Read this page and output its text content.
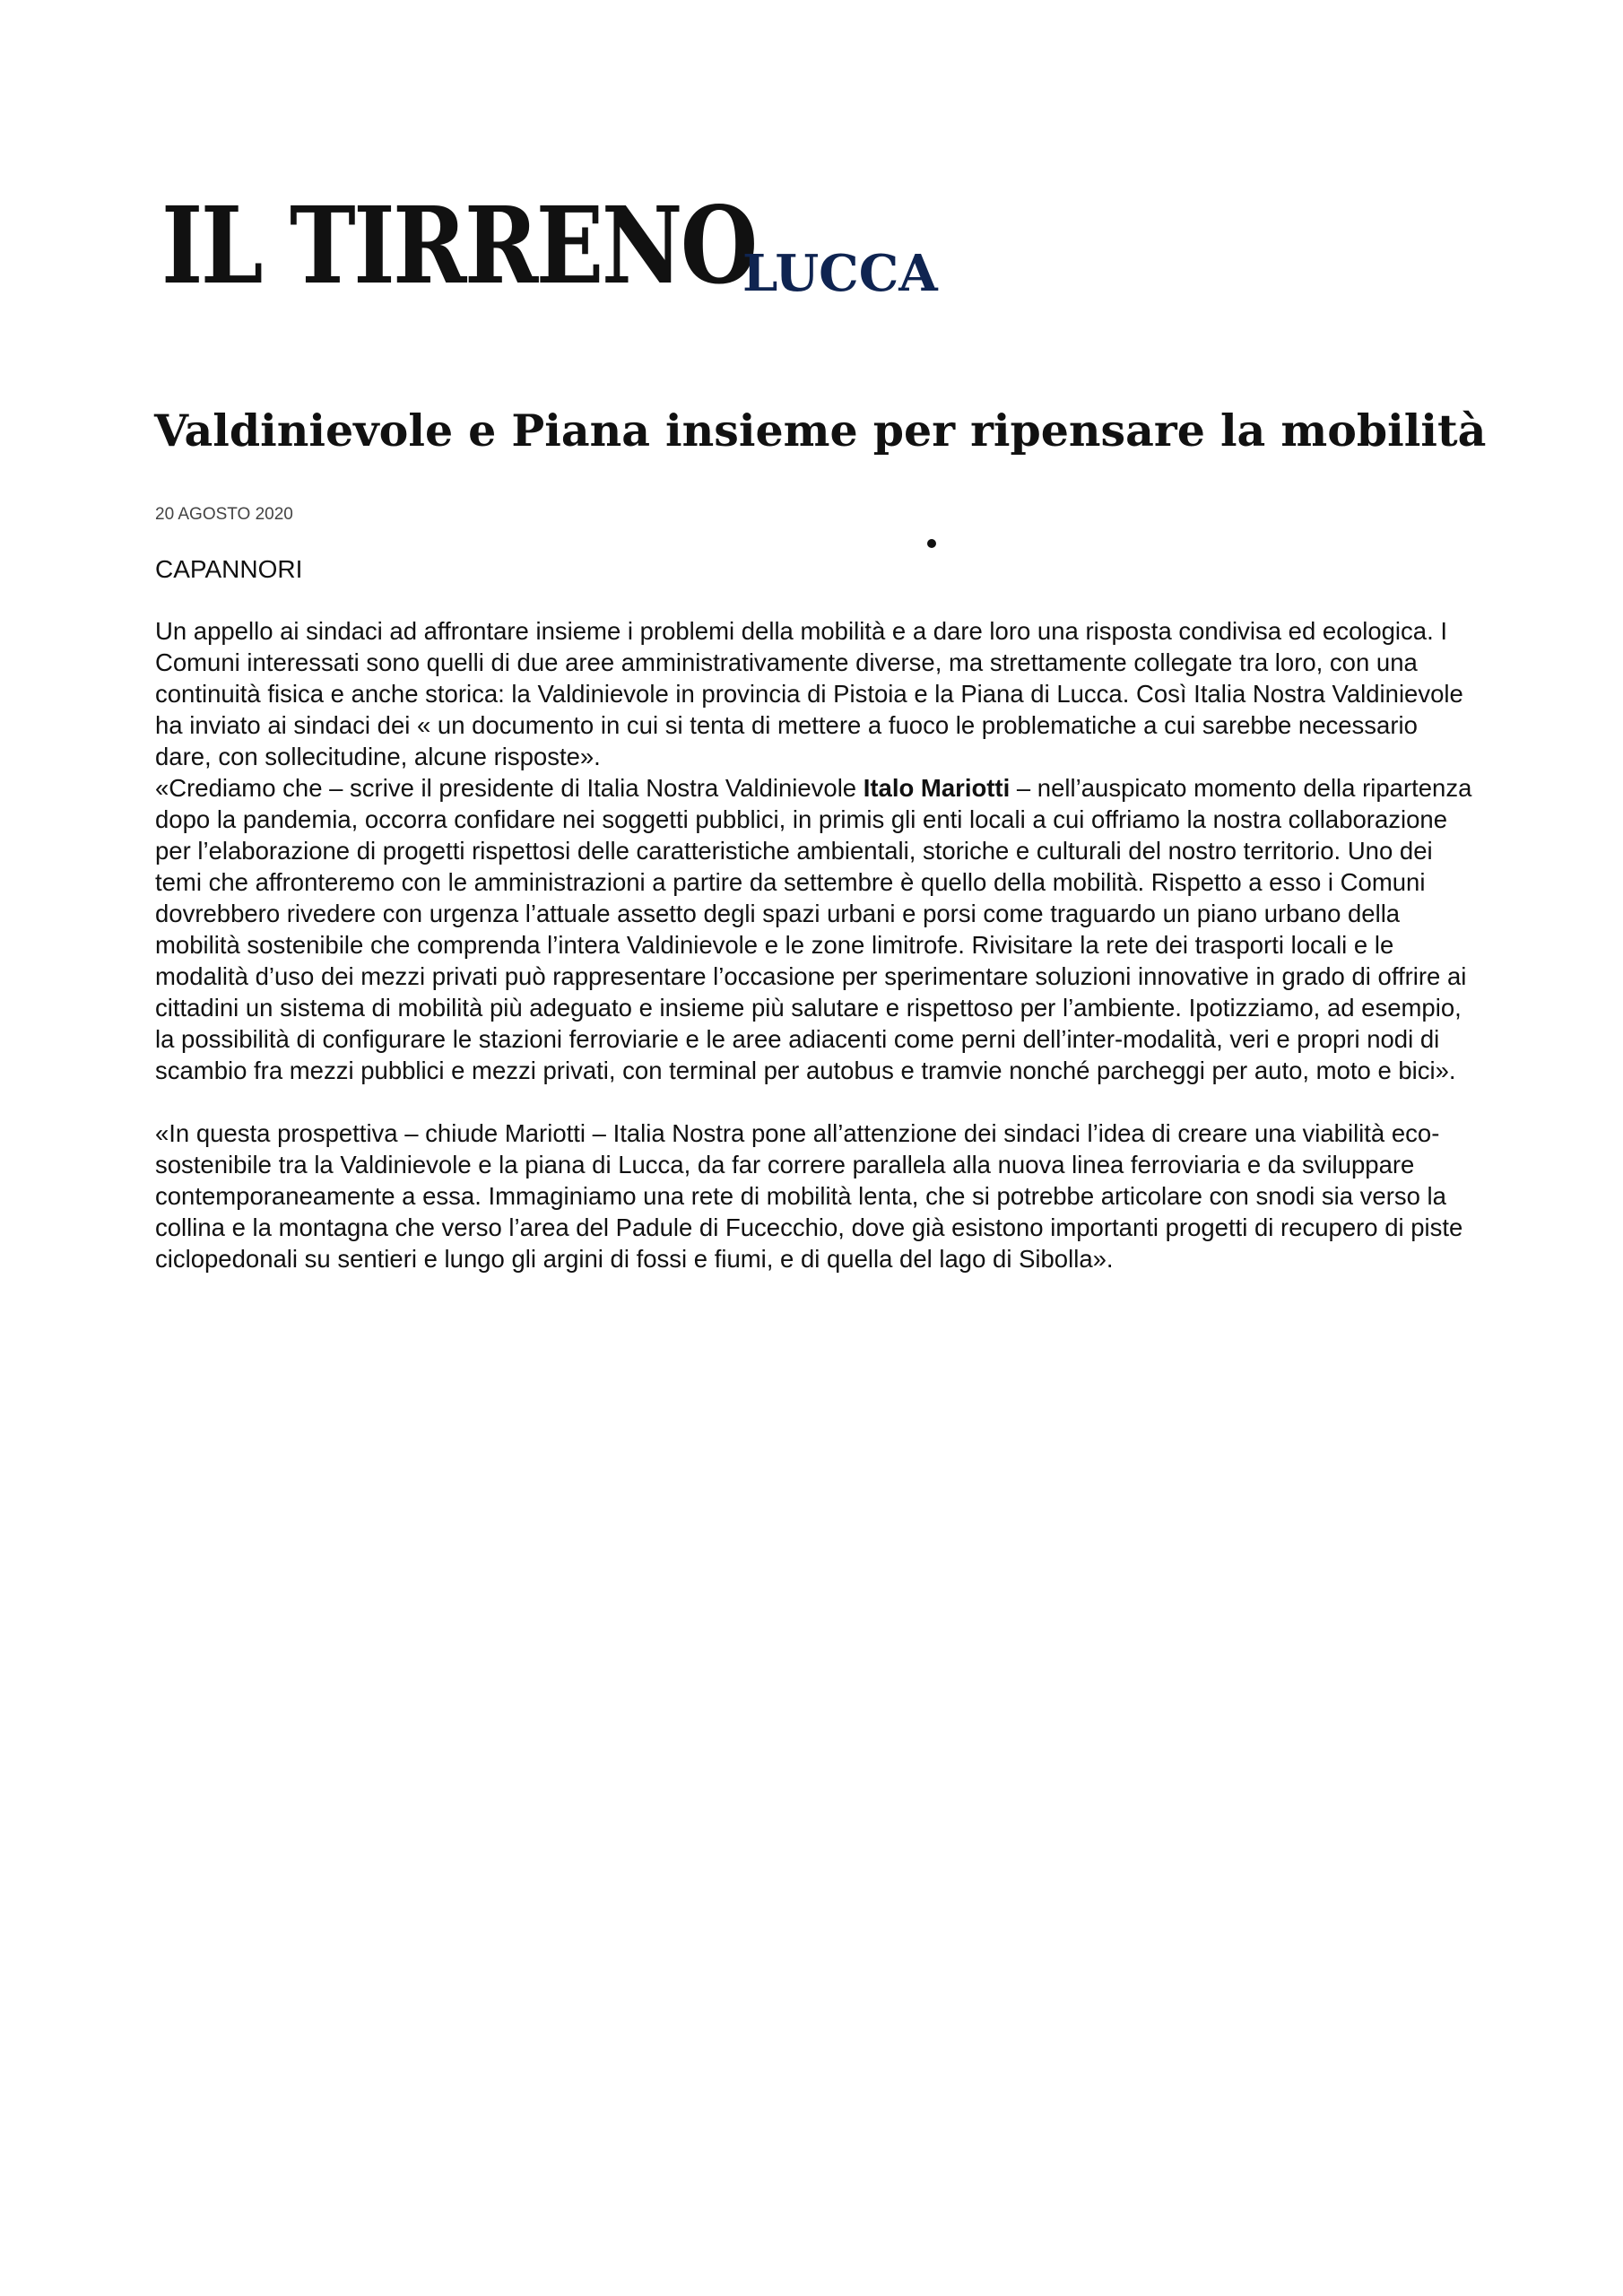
IL TIRRENO
LUCCA
Valdinievole e Piana insieme per ripensare la mobilità
20 AGOSTO 2020
CAPANNORI

Un appello ai sindaci ad affrontare insieme i problemi della mobilità e a dare loro una risposta condivisa ed ecologica. I Comuni interessati sono quelli di due aree amministrativamente diverse, ma strettamente collegate tra loro, con una continuità fisica e anche storica: la Valdinievole in provincia di Pistoia e la Piana di Lucca. Così Italia Nostra Valdinievole ha inviato ai sindaci dei « un documento in cui si tenta di mettere a fuoco le problematiche a cui sarebbe necessario dare, con sollecitudine, alcune risposte».

«Crediamo che – scrive il presidente di Italia Nostra Valdinievole Italo Mariotti – nell’auspicato momento della ripartenza dopo la pandemia, occorra confidare nei soggetti pubblici, in primis gli enti locali a cui offriamo la nostra collaborazione per l’elaborazione di progetti rispettosi delle caratteristiche ambientali, storiche e culturali del nostro territorio. Uno dei temi che affronteremo con le amministrazioni a partire da settembre è quello della mobilità. Rispetto a esso i Comuni dovrebbero rivedere con urgenza l’attuale assetto degli spazi urbani e porsi come traguardo un piano urbano della mobilità sostenibile che comprenda l’intera Valdinievole e le zone limitrofe. Rivisitare la rete dei trasporti locali e le modalità d’uso dei mezzi privati può rappresentare l’occasione per sperimentare soluzioni innovative in grado di offrire ai cittadini un sistema di mobilità più adeguato e insieme più salutare e rispettoso per l’ambiente. Ipotizziamo, ad esempio, la possibilità di configurare le stazioni ferroviarie e le aree adiacenti come perni dell’inter-modalità, veri e propri nodi di scambio fra mezzi pubblici e mezzi privati, con terminal per autobus e tramvie nonché parcheggi per auto, moto e bici».

«In questa prospettiva – chiude Mariotti – Italia Nostra pone all’attenzione dei sindaci l’idea di creare una viabilità eco-sostenibile tra la Valdinievole e la piana di Lucca, da far correre parallela alla nuova linea ferroviaria e da sviluppare contemporaneamente a essa. Immaginiamo una rete di mobilità lenta, che si potrebbe articolare con snodi sia verso la collina e la montagna che verso l’area del Padule di Fucecchio, dove già esistono importanti progetti di recupero di piste ciclopedonali su sentieri e lungo gli argini di fossi e fiumi, e di quella del lago di Sibolla».
